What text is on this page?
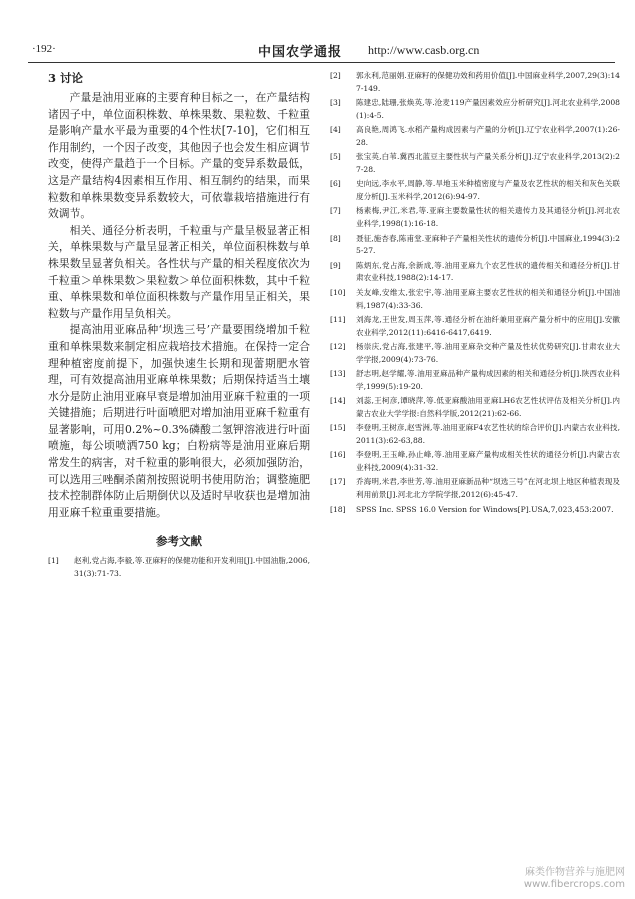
·192·	中国农学通报 http://www.casb.org.cn
3 讨论

产量是油用亚麻的主要育种目标之一，在产量结构诸因子中，单位面积株数、单株果数、果粒数、千粒重是影响产量水平最为重要的4个性状[7-10]，它们相互作用制约，一个因子改变，其他因子也会发生相应调节改变，使得产量趋于一个目标。产量的变异系数最低，这是产量结构4因素相互作用、相互制约的结果，而果粒数和单株果数变异系数较大，可依靠栽培措施进行有效调节。

相关、通径分析表明，千粒重与产量呈极显著正相关，单株果数与产量呈显著正相关，单位面积株数与单株果数呈显著负相关。各性状与产量的相关程度依次为千粒重＞单株果数＞果粒数＞单位面积株数，其中千粒重、单株果数和单位面积株数与产量作用呈正相关，果粒数与产量作用呈负相关。

提高油用亚麻品种‘坝选三号’产量要围绕增加千粒重和单株果数来制定相应栽培技术措施。在保持一定合理种植密度前提下，加强快速生长期和现蕾期肥水管理，可有效提高油用亚麻单株果数；后期保持适当土壤水分是防止油用亚麻早衰是增加油用亚麻千粒重的一项关键措施；后期进行叶面喷肥对增加油用亚麻千粒重有显著影响，可用0.2%~0.3%磷酸二氢钾溶液进行叶面喷施，每公顷喷洒750 kg；白粉病等是油用亚麻后期常发生的病害，对千粒重的影响很大，必须加强防治，可以选用三唑酮杀菌剂按照说明书使用防治；调整施肥技术控制群体防止后期倒伏以及适时早收获也是增加油用亚麻千粒重重要措施。

参考文献
[1]	赵利,党占海,李毅,等.亚麻籽的保健功能和开发利用[J].中国油脂,2006,31(3):71-73.
[2]	郭永利,范丽娟.亚麻籽的保健功效和药用价值[J].中国麻业科学,2007,29(3):147-149.
[3]	陈建忠,陆珊,张焕英,等.沧麦119产量因素效应分析研究[J].河北农业科学,2008(1):4-5.
[4]	高良艳,周鸿飞.水稻产量构成因素与产量的分析[J].辽宁农业科学,2007(1):26-28.
[5]	张宝英,白苇.冀西北蓝豆主要性状与产量关系分析[J].辽宁农业科学,2013(2):27-28.
[6]	史向远,李水平,周静,等.旱地玉米种植密度与产量及农艺性状的相关和灰色关联度分析[J].玉米科学,2012(6):94-97.
[7]	杨素梅,尹江,米君,等.亚麻主要数量性状的相关遗传力及其通径分析[J].河北农业科学,1998(1):16-18.
[8]	聂征,施杏春,陈甫堂.亚麻种子产量相关性状的遗传分析[J].中国麻业,1994(3):25-27.
[9]	陈炳东,党占海,余新成,等.油用亚麻九个农艺性状的遗传相关和通径分析[J].甘肃农业科技,1988(2):14-17.
[10]	关友峰,安维太,张宏宇,等.油用亚麻主要农艺性状的相关和通径分析[J].中国油料,1987(4):33-36.
[11]	刘海龙,王世发,周玉萍,等.通径分析在油纤兼用亚麻产量分析中的应用[J].安徽农业科学,2012(11):6416-6417,6419.
[12]	杨崇庆,党占海,张建平,等.油用亚麻杂交种产量及性状优势研究[J].甘肃农业大学学报,2009(4):73-76.
[13]	舒志明,赵学耀,等.油用亚麻品种产量构成因素的相关和通径分析[J].陕西农业科学,1999(5):19-20.
[14]	刘蕊,王柯彦,谭晓萍,等.低亚麻酸油用亚麻LH6农艺性状评估及相关分析[J].内蒙古农业大学学报:自然科学版,2012(21):62-66.
[15]	李登明,王树彦,赵雪洲,等.油用亚麻F4农艺性状的综合评价[J].内蒙古农业科技,2011(3):62-63,88.
[16]	李登明,王玉峰,孙止峰,等.油用亚麻产量构成相关性状的通径分析[J].内蒙古农业科技,2009(4):31-32.
[17]	乔海明,米君,李世芳,等.油用亚麻新品种“坝选三号”在河北坝上地区种植表现及利用前景[J].河北北方学院学报,2012(6):45-47.
[18]	SPSS Inc. SPSS 16.0 Version for Windows[P].USA,7,023,453:2007.
麻类作物营养与施肥网
www.fibercrops.com
